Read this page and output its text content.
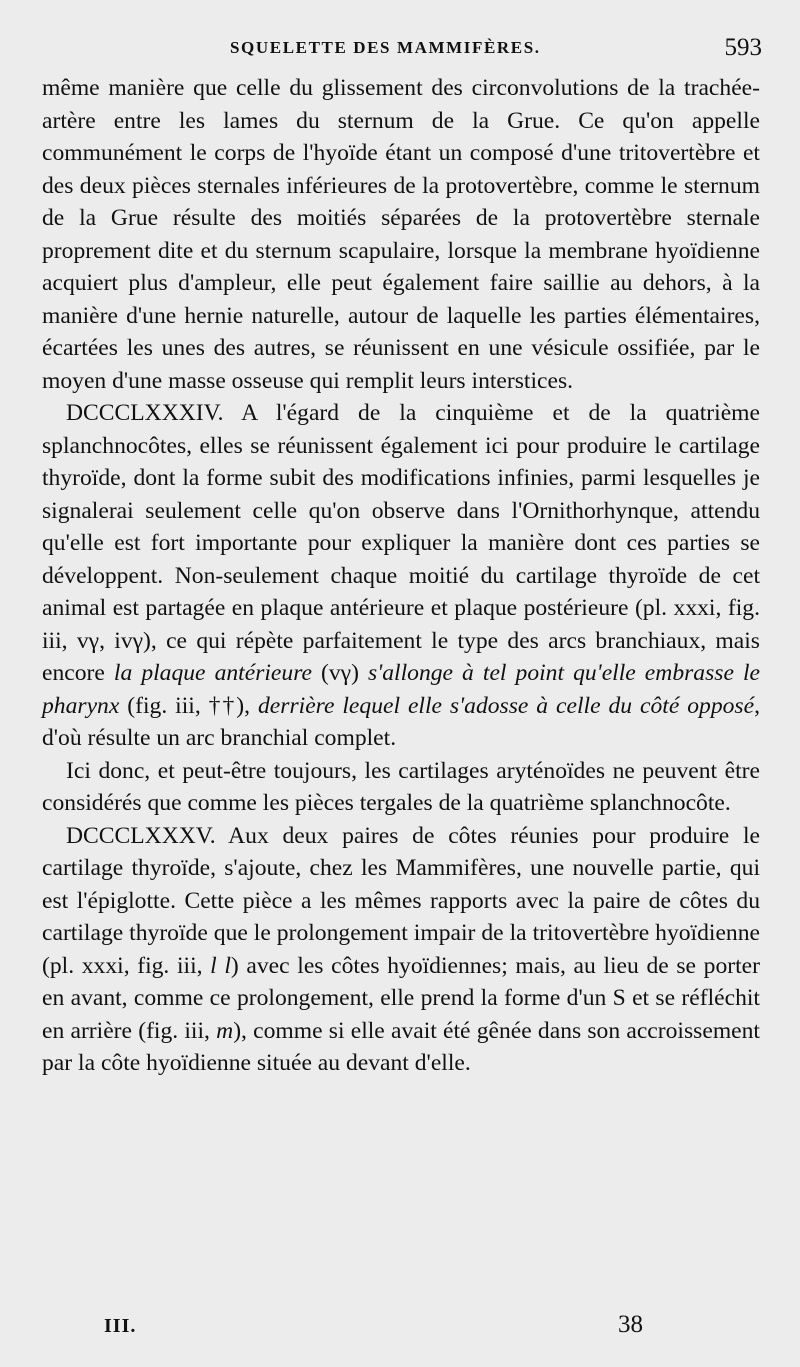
SQUELETTE DES MAMMIFÈRES.	593

même manière que celle du glissement des circonvolutions de la trachée-artère entre les lames du sternum de la Grue. Ce qu'on appelle communément le corps de l'hyoïde étant un composé d'une tritovertèbre et des deux pièces sternales inférieures de la protovertèbre, comme le sternum de la Grue résulte des moitiés séparées de la protovertèbre sternale proprement dite et du sternum scapulaire, lorsque la membrane hyoïdienne acquiert plus d'ampleur, elle peut également faire saillie au dehors, à la manière d'une hernie naturelle, autour de laquelle les parties élémentaires, écartées les unes des autres, se réunissent en une vésicule ossifiée, par le moyen d'une masse osseuse qui remplit leurs interstices.

DCCCLXXXIV. A l'égard de la cinquième et de la quatrième splanchnocôtes, elles se réunissent également ici pour produire le cartilage thyroïde, dont la forme subit des modifications infinies, parmi lesquelles je signalerai seulement celle qu'on observe dans l'Ornithorhynque, attendu qu'elle est fort importante pour expliquer la manière dont ces parties se développent. Non-seulement chaque moitié du cartilage thyroïde de cet animal est partagée en plaque antérieure et plaque postérieure (pl. xxxi, fig. iii, vγ, ivγ), ce qui répète parfaitement le type des arcs branchiaux, mais encore la plaque antérieure (vγ) s'allonge à tel point qu'elle embrasse le pharynx (fig. iii, ††), derrière lequel elle s'adosse à celle du côté opposé, d'où résulte un arc branchial complet.

Ici donc, et peut-être toujours, les cartilages aryténoïdes ne peuvent être considérés que comme les pièces tergales de la quatrième splanchnocôte.

DCCCLXXXV. Aux deux paires de côtes réunies pour produire le cartilage thyroïde, s'ajoute, chez les Mammifères, une nouvelle partie, qui est l'épiglotte. Cette pièce a les mêmes rapports avec la paire de côtes du cartilage thyroïde que le prolongement impair de la tritovertèbre hyoïdienne (pl. xxxi, fig. iii, l l) avec les côtes hyoïdiennes; mais, au lieu de se porter en avant, comme ce prolongement, elle prend la forme d'un S et se réfléchit en arrière (fig. iii, m), comme si elle avait été gênée dans son accroissement par la côte hyoïdienne située au devant d'elle.

III.	38
